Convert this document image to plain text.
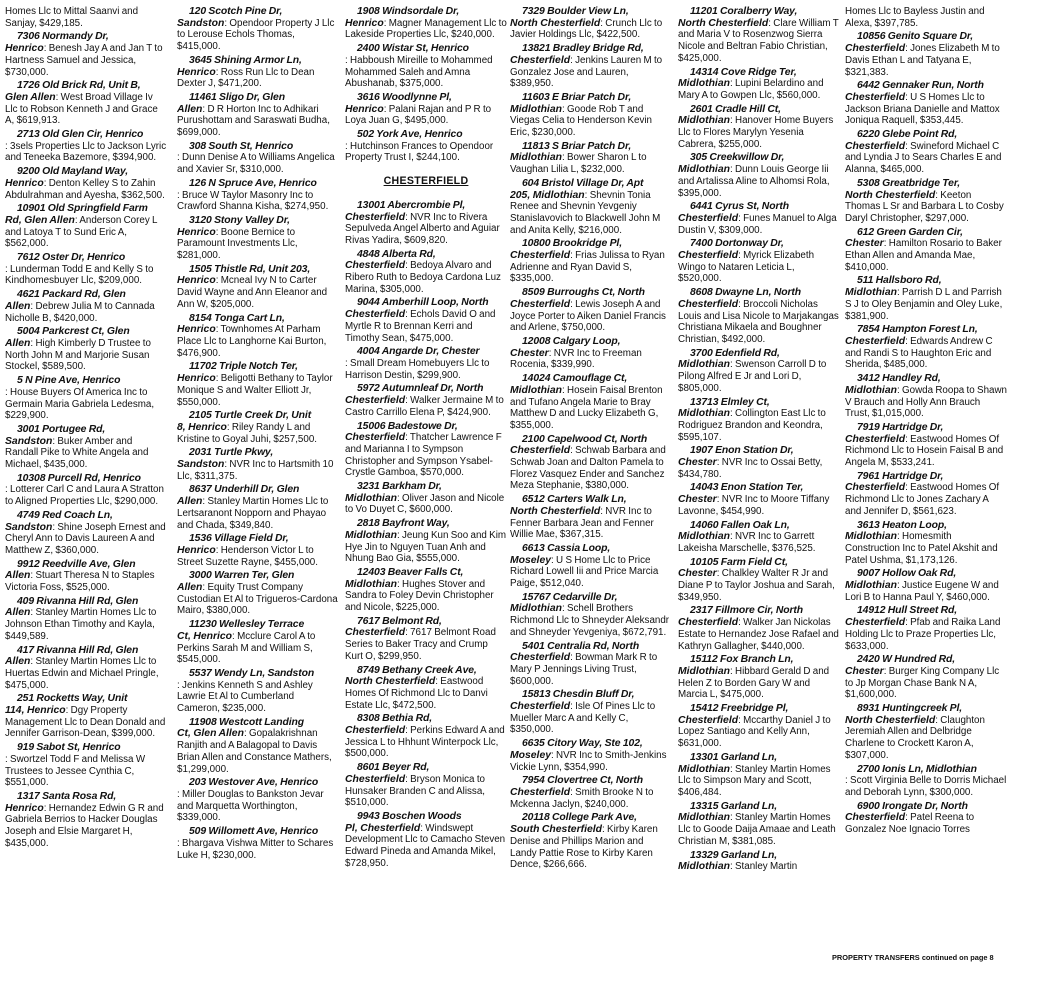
Homes Llc to Mittal Saanvi and Sanjay, $429,185.
7306 Normandy Dr,
Henrico: Benesh Jay A and Jan T to Hartness Samuel and Jessica, $730,000.
1726 Old Brick Rd, Unit B,
Glen Allen: West Broad Village Iv Llc to Robson Kenneth J and Grace A, $619,913.
2713 Old Glen Cir, Henrico
: 3sels Properties Llc to Jackson Lyric and Teneeka Bazemore, $394,900.
9200 Old Mayland Way,
Henrico: Denton Kelley S to Zahin Abdulrahman and Ayesha, $362,500.
10901 Old Springfield Farm
Rd, Glen Allen: Anderson Corey L and Latoya T to Sund Eric A, $562,000.
7612 Oster Dr, Henrico
: Lunderman Todd E and Kelly S to Kindhomesbuyer Llc, $209,000.
4621 Packard Rd, Glen
Allen: Debrew Julia M to Cannada Nicholle B, $420,000.
5004 Parkcrest Ct, Glen
Allen: High Kimberly D Trustee to North John M and Marjorie Susan Stockel, $589,500.
5 N Pine Ave, Henrico
: House Buyers Of America Inc to Germain Maria Gabriela Ledesma, $229,900.
3001 Portugee Rd,
Sandston: Buker Amber and Randall Pike to White Angela and Michael, $435,000.
10308 Purcell Rd, Henrico
: Lotterer Carl C and Laura A Stratton to Aligned Properties Llc, $290,000.
4749 Red Coach Ln,
Sandston: Shine Joseph Ernest and Cheryl Ann to Davis Laureen A and Matthew Z, $360,000.
9912 Reedville Ave, Glen
Allen: Stuart Theresa N to Staples Victoria Foss, $525,000.
409 Rivanna Hill Rd, Glen
Allen: Stanley Martin Homes Llc to Johnson Ethan Timothy and Kayla, $449,589.
417 Rivanna Hill Rd, Glen
Allen: Stanley Martin Homes Llc to Huertas Edwin and Michael Pringle, $475,000.
251 Rocketts Way, Unit
114, Henrico: Dgy Property Management Llc to Dean Donald and Jennifer Garrison-Dean, $399,000.
919 Sabot St, Henrico
: Swortzel Todd F and Melissa W Trustees to Jessee Cynthia C, $551,000.
1317 Santa Rosa Rd,
Henrico: Hernandez Edwin G R and Gabriela Berrios to Hacker Douglas Joseph and Elsie Margaret H, $435,000.
120 Scotch Pine Dr,
Sandston: Opendoor Property J Llc to Lerouse Echols Thomas, $415,000.
3645 Shining Armor Ln,
Henrico: Ross Run Llc to Dean Dexter J, $471,200.
11461 Sligo Dr, Glen
Allen: D R Horton Inc to Adhikari Purushottam and Saraswati Budha, $699,000.
308 South St, Henrico
: Dunn Denise A to Williams Angelica and Xavier Sr, $310,000.
126 N Spruce Ave, Henrico
: Bruce W Taylor Masonry Inc to Crawford Shanna Kisha, $274,950.
3120 Stony Valley Dr,
Henrico: Boone Bernice to Paramount Investments Llc, $281,000.
1505 Thistle Rd, Unit 203,
Henrico: Mcneal Ivy N to Carter David Wayne and Ann Eleanor and Ann W, $205,000.
8154 Tonga Cart Ln,
Henrico: Townhomes At Parham Place Llc to Langhorne Kai Burton, $476,900.
11702 Triple Notch Ter,
Henrico: Beligotti Bethany to Taylor Monique S and Walter Elliott Jr, $550,000.
2105 Turtle Creek Dr, Unit
8, Henrico: Riley Randy L and Kristine to Goyal Juhi, $257,500.
2031 Turtle Pkwy,
Sandston: NVR Inc to Hartsmith 10 Llc, $311,375.
8637 Underhill Dr, Glen
Allen: Stanley Martin Homes Llc to Lertsaranont Nopporn and Phayao and Chada, $349,840.
1536 Village Field Dr,
Henrico: Henderson Victor L to Street Suzette Rayne, $455,000.
3000 Warren Ter, Glen
Allen: Equity Trust Company Custodian Et Al to Trigueros-Cardona Mairo, $380,000.
11230 Wellesley Terrace
Ct, Henrico: Mcclure Carol A to Perkins Sarah M and William S, $545,000.
5537 Wendy Ln, Sandston
: Jenkins Kenneth S and Ashley Lawrie Et Al to Cumberland Cameron, $235,000.
11908 Westcott Landing
Ct, Glen Allen: Gopalakrishnan Ranjith and A Balagopal to Davis Brian Allen and Constance Mathers, $1,299,000.
203 Westover Ave, Henrico
: Miller Douglas to Bankston Jevar and Marquetta Worthington, $339,000.
509 Willomett Ave, Henrico
: Bhargava Vishwa Mitter to Schares Luke H, $230,000.
1908 Windsordale Dr,
Henrico: Magner Management Llc to Lakeside Properties Llc, $240,000.
2400 Wistar St, Henrico
: Habboush Mireille to Mohammed Mohammed Saleh and Amna Abushanab, $375,000.
3616 Woodlynne Pl,
Henrico: Palani Rajan and P R to Loya Juan G, $495,000.
502 York Ave, Henrico
: Hutchinson Frances to Opendoor Property Trust I, $244,100.
CHESTERFIELD
13001 Abercrombie Pl,
Chesterfield: NVR Inc to Rivera Sepulveda Angel Alberto and Aguiar Rivas Yadira, $609,820.
4848 Alberta Rd,
Chesterfield: Bedoya Alvaro and Ribero Ruth to Bedoya Cardona Luz Marina, $305,000.
9044 Amberhill Loop, North
Chesterfield: Echols David O and Myrtle R to Brennan Kerri and Timothy Sean, $475,000.
4004 Angarde Dr, Chester
: Small Dream Homebuyers Llc to Harrison Destin, $299,900.
5972 Autumnleaf Dr, North
Chesterfield: Walker Jermaine M to Castro Carrillo Elena P, $424,900.
15006 Badestowe Dr,
Chesterfield: Thatcher Lawrence F and Marianna I to Sympson Christopher and Sympson Ysabel-Crystle Gamboa, $570,000.
3231 Barkham Dr,
Midlothian: Oliver Jason and Nicole to Vo Duyet C, $600,000.
2818 Bayfront Way,
Midlothian: Jeung Kun Soo and Kim Hye Jin to Nguyen Tuan Anh and Nhung Bao Gia, $555,000.
12403 Beaver Falls Ct,
Midlothian: Hughes Stover and Sandra to Foley Devin Christopher and Nicole, $225,000.
7617 Belmont Rd,
Chesterfield: 7617 Belmont Road Series to Baker Tracy and Crump Kurt O, $299,950.
8749 Bethany Creek Ave,
North Chesterfield: Eastwood Homes Of Richmond Llc to Danvi Estate Llc, $472,500.
8308 Bethia Rd,
Chesterfield: Perkins Edward A and Jessica L to Hhhunt Winterpock Llc, $500,000.
8601 Beyer Rd,
Chesterfield: Bryson Monica to Hunsaker Branden C and Alissa, $510,000.
9943 Boschen Woods
Pl, Chesterfield: Windswept Development Llc to Camacho Steven Edward Pineda and Amanda Mikel, $728,950.
7329 Boulder View Ln,
North Chesterfield: Crunch Llc to Javier Holdings Llc, $422,500.
13821 Bradley Bridge Rd,
Chesterfield: Jenkins Lauren M to Gonzalez Jose and Lauren, $389,950.
11603 E Briar Patch Dr,
Midlothian: Goode Rob T and Viegas Celia to Henderson Kevin Eric, $230,000.
11813 S Briar Patch Dr,
Midlothian: Bower Sharon L to Vaughan Lilia L, $232,000.
604 Bristol Village Dr, Apt
205, Midlothian: Shevnin Tonia Renee and Shevnin Yevgeniy Stanislavovich to Blackwell John M and Anita Kelly, $216,000.
10800 Brookridge Pl,
Chesterfield: Frias Julissa to Ryan Adrienne and Ryan David S, $335,000.
8509 Burroughs Ct, North
Chesterfield: Lewis Joseph A and Joyce Porter to Aiken Daniel Francis and Arlene, $750,000.
12008 Calgary Loop,
Chester: NVR Inc to Freeman Rocenia, $339,990.
14024 Camouflage Ct,
Midlothian: Hosein Faisal Brenton and Tufano Angela Marie to Bray Matthew D and Lucky Elizabeth G, $355,000.
2100 Capelwood Ct, North
Chesterfield: Schwab Barbara and Schwab Joan and Dalton Pamela to Florez Vasquez Ender and Sanchez Meza Stephanie, $380,000.
6512 Carters Walk Ln,
North Chesterfield: NVR Inc to Fenner Barbara Jean and Fenner Willie Mae, $367,315.
6613 Cassia Loop,
Moseley: U S Home Llc to Price Richard Lowell Iii and Price Marcia Paige, $512,040.
15767 Cedarville Dr,
Midlothian: Schell Brothers Richmond Llc to Shneyder Aleksandr and Shneyder Yevgeniya, $672,791.
5401 Centralia Rd, North
Chesterfield: Bowman Mark R to Mary P Jennings Living Trust, $600,000.
15813 Chesdin Bluff Dr,
Chesterfield: Isle Of Pines Llc to Mueller Marc A and Kelly C, $350,000.
6635 Citory Way, Ste 102,
Moseley: NVR Inc to Smith-Jenkins Vickie Lynn, $354,990.
7954 Clovertree Ct, North
Chesterfield: Smith Brooke N to Mckenna Jaclyn, $240,000.
20118 College Park Ave,
South Chesterfield: Kirby Karen Denise and Phillips Marion and Landy Pattie Rose to Kirby Karen Dence, $266,666.
11201 Coralberry Way,
North Chesterfield: Clare William T and Maria V to Rosenzwog Sierra Nicole and Beltran Fabio Christian, $425,000.
14314 Cove Ridge Ter,
Midlothian: Lupini Belardino and Mary A to Gowpen Llc, $560,000.
2601 Cradle Hill Ct,
Midlothian: Hanover Home Buyers Llc to Flores Marylyn Yesenia Cabrera, $255,000.
305 Creekwillow Dr,
Midlothian: Dunn Louis George Iii and Artalissa Aline to Alhomsi Rola, $395,000.
6441 Cyrus St, North
Chesterfield: Funes Manuel to Alga Dustin V, $309,000.
7400 Dortonway Dr,
Chesterfield: Myrick Elizabeth Wingo to Nataren Leticia L, $520,000.
8608 Dwayne Ln, North
Chesterfield: Broccoli Nicholas Louis and Lisa Nicole to Marjakangas Christiana Mikaela and Boughner Christian, $492,000.
3700 Edenfield Rd,
Midlothian: Swenson Carroll D to Pilong Alfred E Jr and Lori D, $805,000.
13713 Elmley Ct,
Midlothian: Collington East Llc to Rodriguez Brandon and Keondra, $595,107.
1907 Enon Station Dr,
Chester: NVR Inc to Ossai Betty, $434,780.
14043 Enon Station Ter,
Chester: NVR Inc to Moore Tiffany Lavonne, $454,990.
14060 Fallen Oak Ln,
Midlothian: NVR Inc to Garrett Lakeisha Marschelle, $376,525.
10105 Farm Field Ct,
Chester: Chalkley Walter R Jr and Diane P to Taylor Joshua and Sarah, $349,950.
2317 Fillmore Cir, North
Chesterfield: Walker Jan Nickolas Estate to Hernandez Jose Rafael and Kathryn Gallagher, $440,000.
15112 Fox Branch Ln,
Midlothian: Hibbard Gerald D and Helen Z to Borden Gary W and Marcia L, $475,000.
15412 Freebridge Pl,
Chesterfield: Mccarthy Daniel J to Lopez Santiago and Kelly Ann, $631,000.
13301 Garland Ln,
Midlothian: Stanley Martin Homes Llc to Simpson Mary and Scott, $406,484.
13315 Garland Ln,
Midlothian: Stanley Martin Homes Llc to Goode Daija Amaae and Leath Christian M, $381,085.
13329 Garland Ln,
Midlothian: Stanley Martin
Homes Llc to Bayless Justin and Alexa, $397,785.
10856 Genito Square Dr,
Chesterfield: Jones Elizabeth M to Davis Ethan L and Tatyana E, $321,383.
6442 Gennaker Run, North
Chesterfield: U S Homes Llc to Jackson Briana Danielle and Mattox Joniqua Raquell, $353,445.
6220 Glebe Point Rd,
Chesterfield: Swineford Michael C and Lyndia J to Sears Charles E and Alanna, $465,000.
5308 Greatbridge Ter,
North Chesterfield: Keeton Thomas L Sr and Barbara L to Cosby Daryl Christopher, $297,000.
612 Green Garden Cir,
Chester: Hamilton Rosario to Baker Ethan Allen and Amanda Mae, $410,000.
511 Hallsboro Rd,
Midlothian: Parrish D L and Parrish S J to Oley Benjamin and Oley Luke, $381,900.
7854 Hampton Forest Ln,
Chesterfield: Edwards Andrew C and Randi S to Haughton Eric and Sherida, $485,000.
3412 Handley Rd,
Midlothian: Gowda Roopa to Shawn V Brauch and Holly Ann Brauch Trust, $1,015,000.
7919 Hartridge Dr,
Chesterfield: Eastwood Homes Of Richmond Llc to Hosein Faisal B and Angela M, $533,241.
7961 Hartridge Dr,
Chesterfield: Eastwood Homes Of Richmond Llc to Jones Zachary A and Jennifer D, $561,623.
3613 Heaton Loop,
Midlothian: Homesmith Construction Inc to Patel Akshit and Patel Ushma, $1,173,126.
9007 Hollow Oak Rd,
Midlothian: Justice Eugene W and Lori B to Hanna Paul Y, $460,000.
14912 Hull Street Rd,
Chesterfield: Pfab and Raika Land Holding Llc to Praze Properties Llc, $633,000.
2420 W Hundred Rd,
Chester: Burger King Company Llc to Jp Morgan Chase Bank N A, $1,600,000.
8931 Huntingcreek Pl,
North Chesterfield: Claughton Jeremiah Allen and Delbridge Charlene to Crockett Karon A, $307,000.
2700 Ionis Ln, Midlothian
: Scott Virginia Belle to Dorris Michael and Deborah Lynn, $300,000.
6900 Irongate Dr, North
Chesterfield: Patel Reena to Gonzalez Noe Ignacio Torres
PROPERTY TRANSFERS continued on page 8
